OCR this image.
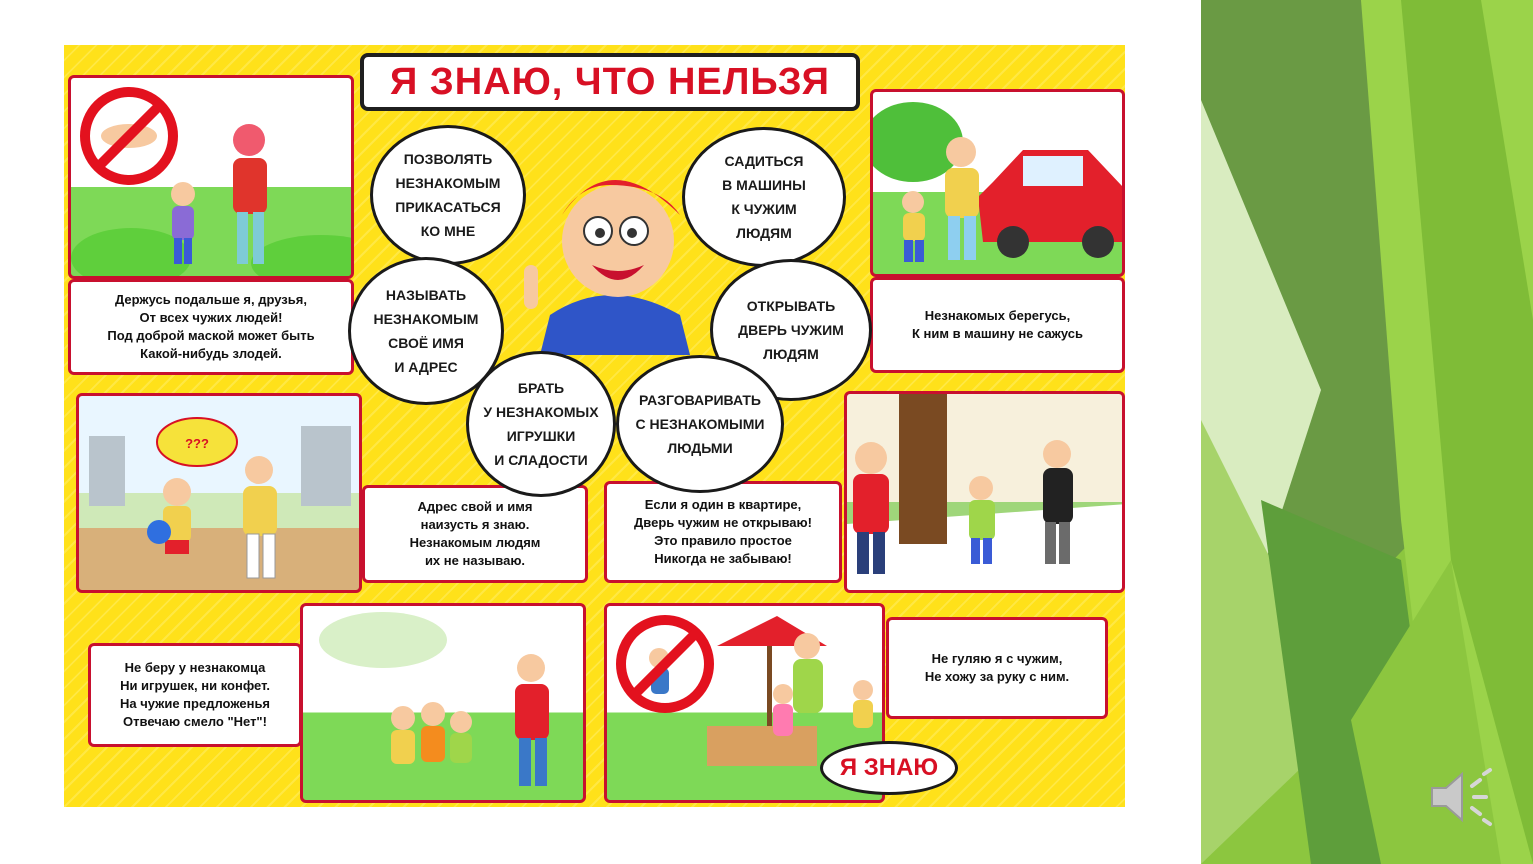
Я ЗНАЮ, ЧТО НЕЛЬЗЯ
Держусь подальше я, друзья,
От всех чужих людей!
Под доброй маской может быть
Какой-нибудь злодей.
Незнакомых берегусь,
К ним в машину не сажусь
???
Адрес свой и имя
наизусть я знаю.
Незнакомым людям
их не называю.
Если я один в квартире,
Дверь чужим не открываю!
Это правило простое
Никогда не забываю!
Не беру у незнакомца
Ни игрушек, ни конфет.
На чужие предложенья
Отвечаю смело "Нет"!
Не гуляю я с чужим,
Не хожу за руку с ним.
Я ЗНАЮ
ПОЗВОЛЯТЬ
НЕЗНАКОМЫМ
ПРИКАСАТЬСЯ
КО МНЕ
САДИТЬСЯ
В МАШИНЫ
К ЧУЖИМ
ЛЮДЯМ
НАЗЫВАТЬ
НЕЗНАКОМЫМ
СВОЁ ИМЯ
И АДРЕС
ОТКРЫВАТЬ
ДВЕРЬ ЧУЖИМ
ЛЮДЯМ
БРАТЬ
У НЕЗНАКОМЫХ
ИГРУШКИ
И СЛАДОСТИ
РАЗГОВАРИВАТЬ
С НЕЗНАКОМЫМИ
ЛЮДЬМИ
